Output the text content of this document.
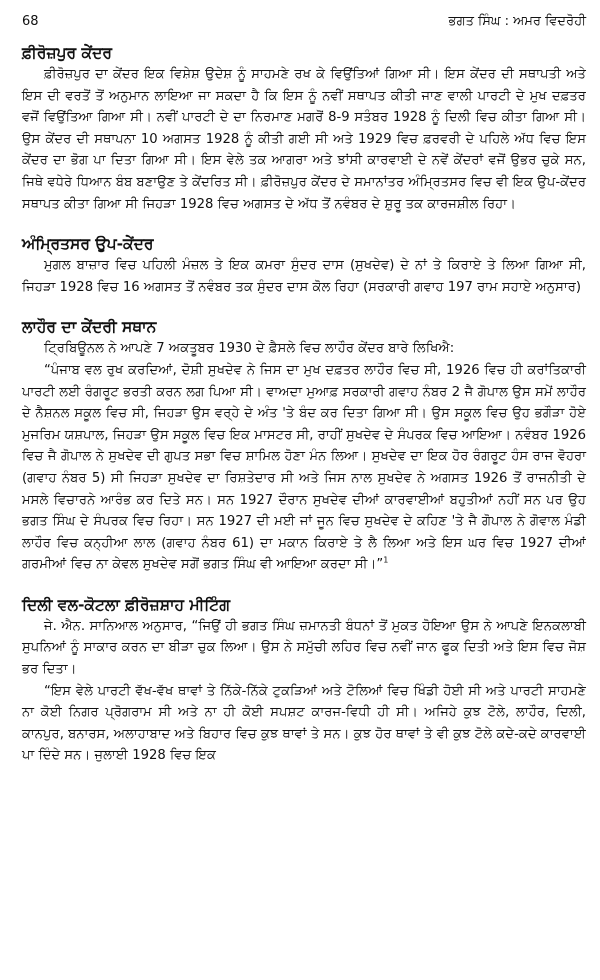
68	ਭਗਤ ਸਿੰਘ : ਅਮਰ ਵਿਦਰੋਹੀ
ਫ਼ੀਰੋਜ਼ਪੁਰ ਕੇਂਦਰ

ਫ਼ੀਰੋਜ਼ਪੁਰ ਦਾ ਕੇਂਦਰ ਇਕ ਵਿਸ਼ੇਸ਼ ਉਦੇਸ਼ ਨੂੰ ਸਾਹਮਣੇ ਰਖ ਕੇ ਵਿਉਂਤਿਆਂ ਗਿਆ ਸੀ। ਇਸ ਕੇਂਦਰ ਦੀ ਸਥਾਪਤੀ ਅਤੇ ਇਸ ਦੀ ਵਰਤੋਂ ਤੋਂ ਅਨੁਮਾਨ ਲਾਇਆ ਜਾ ਸਕਦਾ ਹੈ ਕਿ ਇਸ ਨੂੰ ਨਵੀਂ ਸਥਾਪਤ ਕੀਤੀ ਜਾਣ ਵਾਲੀ ਪਾਰਟੀ ਦੇ ਮੁਖ ਦਫ਼ਤਰ ਵਜੋਂ ਵਿਉਂਤਿਆ ਗਿਆ ਸੀ। ਨਵੀਂ ਪਾਰਟੀ ਦੇ ਦਾ ਨਿਰਮਾਣ ਮਗਰੋਂ 8-9 ਸਤੰਬਰ 1928 ਨੂੰ ਦਿਲੀ ਵਿਚ ਕੀਤਾ ਗਿਆ ਸੀ। ਉਸ ਕੇਂਦਰ ਦੀ ਸਥਾਪਨਾ 10 ਅਗਸਤ 1928 ਨੂੰ ਕੀਤੀ ਗਈ ਸੀ ਅਤੇ 1929 ਵਿਚ ਫ਼ਰਵਰੀ ਦੇ ਪਹਿਲੇ ਅੱਧ ਵਿਚ ਇਸ ਕੇਂਦਰ ਦਾ ਭੋਗ ਪਾ ਦਿਤਾ ਗਿਆ ਸੀ। ਇਸ ਵੇਲੇ ਤਕ ਆਗਰਾ ਅਤੇ ਝਾਂਸੀ ਕਾਰਵਾਈ ਦੇ ਨਵੇਂ ਕੇਂਦਰਾਂ ਵਜੋਂ ਉਭਰ ਚੁਕੇ ਸਨ, ਜਿਥੇ ਵਧੇਰੇ ਧਿਆਨ ਬੰਬ ਬਣਾਉਣ ਤੇ ਕੇਂਦਰਿਤ ਸੀ। ਫ਼ੀਰੋਜ਼ਪੁਰ ਕੇਂਦਰ ਦੇ ਸਮਾਨਾਂਤਰ ਅੰਮ੍ਰਿਤਸਰ ਵਿਚ ਵੀ ਇਕ ਉਪ-ਕੇਂਦਰ ਸਥਾਪਤ ਕੀਤਾ ਗਿਆ ਸੀ ਜਿਹੜਾ 1928 ਵਿਚ ਅਗਸਤ ਦੇ ਅੱਧ ਤੋਂ ਨਵੰਬਰ ਦੇ ਸ਼ੁਰੂ ਤਕ ਕਾਰਜਸ਼ੀਲ ਰਿਹਾ।

ਅੰਮ੍ਰਿਤਸਰ ਉਪ-ਕੇਂਦਰ

ਮੁਗਲ ਬਾਜ਼ਾਰ ਵਿਚ ਪਹਿਲੀ ਮੰਜ਼ਲ ਤੇ ਇਕ ਕਮਰਾ ਸੁੰਦਰ ਦਾਸ (ਸੁਖਦੇਵ) ਦੇ ਨਾਂ ਤੇ ਕਿਰਾਏ ਤੇ ਲਿਆ ਗਿਆ ਸੀ, ਜਿਹੜਾ 1928 ਵਿਚ 16 ਅਗਸਤ ਤੋਂ ਨਵੰਬਰ ਤਕ ਸੁੰਦਰ ਦਾਸ ਕੋਲ ਰਿਹਾ (ਸਰਕਾਰੀ ਗਵਾਹ 197 ਰਾਮ ਸਹਾਏ ਅਨੁਸਾਰ)

ਲਾਹੌਰ ਦਾ ਕੇਂਦਰੀ ਸਥਾਨ

ਟ੍ਰਿਬਿਊਨਲ ਨੇ ਆਪਣੇ 7 ਅਕਤੂਬਰ 1930 ਦੇ ਫ਼ੈਸਲੇ ਵਿਚ ਲਾਹੌਰ ਕੇਂਦਰ ਬਾਰੇ ਲਿਖਿਐ:

“ਪੰਜਾਬ ਵਲ ਰੁਖ ਕਰਦਿਆਂ, ਦੋਸ਼ੀ ਸੁਖਦੇਵ ਨੇ ਜਿਸ ਦਾ ਮੁਖ ਦਫ਼ਤਰ ਲਾਹੌਰ ਵਿਚ ਸੀ, 1926 ਵਿਚ ਹੀ ਕਰਾਂਤਿਕਾਰੀ ਪਾਰਟੀ ਲਈ ਰੰਗਰੂਟ ਭਰਤੀ ਕਰਨ ਲਗ ਪਿਆ ਸੀ। ਵਾਅਦਾ ਮੁਆਫ਼ ਸਰਕਾਰੀ ਗਵਾਹ ਨੰਬਰ 2 ਜੈ ਗੋਪਾਲ ਉਸ ਸਮੇਂ ਲਾਹੌਰ ਦੇ ਨੈਸ਼ਨਲ ਸਕੂਲ ਵਿਚ ਸੀ, ਜਿਹੜਾ ਉਸ ਵਰ੍ਹੇ ਦੇ ਅੰਤ 'ਤੇ ਬੰਦ ਕਰ ਦਿਤਾ ਗਿਆ ਸੀ। ਉਸ ਸਕੂਲ ਵਿਚ ਉਹ ਭਗੌੜਾ ਹੋਏ ਮੁਜਰਿਮ ਯਸ਼ਪਾਲ, ਜਿਹੜਾ ਉਸ ਸਕੂਲ ਵਿਚ ਇਕ ਮਾਸਟਰ ਸੀ, ਰਾਹੀਂ ਸੁਖਦੇਵ ਦੇ ਸੰਪਰਕ ਵਿਚ ਆਇਆ। ਨਵੰਬਰ 1926 ਵਿਚ ਜੈ ਗੋਪਾਲ ਨੇ ਸੁਖਦੇਵ ਦੀ ਗੁਪਤ ਸਭਾ ਵਿਚ ਸ਼ਾਮਿਲ ਹੋਣਾ ਮੰਨ ਲਿਆ। ਸੁਖਦੇਵ ਦਾ ਇਕ ਹੋਰ ਰੰਗਰੂਟ ਹੰਸ ਰਾਜ ਵੋਹਰਾ (ਗਵਾਹ ਨੰਬਰ 5) ਸੀ ਜਿਹੜਾ ਸੁਖਦੇਵ ਦਾ ਰਿਸ਼ਤੇਦਾਰ ਸੀ ਅਤੇ ਜਿਸ ਨਾਲ ਸੁਖਦੇਵ ਨੇ ਅਗਸਤ 1926 ਤੋਂ ਰਾਜਨੀਤੀ ਦੇ ਮਸਲੇ ਵਿਚਾਰਨੇ ਆਰੰਭ ਕਰ ਦਿਤੇ ਸਨ। ਸਨ 1927 ਦੌਰਾਨ ਸੁਖਦੇਵ ਦੀਆਂ ਕਾਰਵਾਈਆਂ ਬਹੁਤੀਆਂ ਨਹੀਂ ਸਨ ਪਰ ਉਹ ਭਗਤ ਸਿੰਘ ਦੇ ਸੰਪਰਕ ਵਿਚ ਰਿਹਾ। ਸਨ 1927 ਦੀ ਮਈ ਜਾਂ ਜੂਨ ਵਿਚ ਸੁਖਦੇਵ ਦੇ ਕਹਿਣ 'ਤੇ ਜੈ ਗੋਪਾਲ ਨੇ ਗੋਵਾਲ ਮੰਡੀ ਲਾਹੌਰ ਵਿਚ ਕਨ੍ਹੀਆ ਲਾਲ (ਗਵਾਹ ਨੰਬਰ 61) ਦਾ ਮਕਾਨ ਕਿਰਾਏ ਤੇ ਲੈ ਲਿਆ ਅਤੇ ਇਸ ਘਰ ਵਿਚ 1927 ਦੀਆਂ ਗਰਮੀਆਂ ਵਿਚ ਨਾ ਕੇਵਲ ਸੁਖਦੇਵ ਸਗੋਂ ਭਗਤ ਸਿੰਘ ਵੀ ਆਇਆ ਕਰਦਾ ਸੀ।”$^1$

ਦਿਲੀ ਵਲ-ਕੋਟਲਾ ਫ਼ੀਰੋਜ਼ਸ਼ਾਹ ਮੀਟਿੰਗ

ਜੇ. ਐਨ. ਸਾਨਿਆਲ ਅਨੁਸਾਰ, “ਜਿਉਂ ਹੀ ਭਗਤ ਸਿੰਘ ਜ਼ਮਾਨਤੀ ਬੰਧਨਾਂ ਤੋਂ ਮੁਕਤ ਹੋਇਆ ਉਸ ਨੇ ਆਪਣੇ ਇਨਕਲਾਬੀ ਸੁਪਨਿਆਂ ਨੂੰ ਸਾਕਾਰ ਕਰਨ ਦਾ ਬੀੜਾ ਚੁਕ ਲਿਆ। ਉਸ ਨੇ ਸਮੁੱਚੀ ਲਹਿਰ ਵਿਚ ਨਵੀਂ ਜਾਨ ਫੂਕ ਦਿਤੀ ਅਤੇ ਇਸ ਵਿਚ ਜੋਸ਼ ਭਰ ਦਿਤਾ।

“ਇਸ ਵੇਲੇ ਪਾਰਟੀ ਵੱਖ-ਵੱਖ ਥਾਵਾਂ ਤੇ ਨਿੱਕੇ-ਨਿੱਕੇ ਟੁਕੜਿਆਂ ਅਤੇ ਟੋਲਿਆਂ ਵਿਚ ਖਿੰਡੀ ਹੋਈ ਸੀ ਅਤੇ ਪਾਰਟੀ ਸਾਹਮਣੇ ਨਾ ਕੋਈ ਨਿਗਰ ਪ੍ਰੋਗਰਾਮ ਸੀ ਅਤੇ ਨਾ ਹੀ ਕੋਈ ਸਪਸ਼ਟ ਕਾਰਜ-ਵਿਧੀ ਹੀ ਸੀ। ਅਜਿਹੇ ਕੁਝ ਟੋਲੇ, ਲਾਹੌਰ, ਦਿਲੀ, ਕਾਨਪੁਰ, ਬਨਾਰਸ, ਅਲਾਹਾਬਾਦ ਅਤੇ ਬਿਹਾਰ ਵਿਚ ਕੁਝ ਥਾਵਾਂ ਤੇ ਸਨ। ਕੁਝ ਹੋਰ ਥਾਵਾਂ ਤੇ ਵੀ ਕੁਝ ਟੋਲੇ ਕਦੇ-ਕਦੇ ਕਾਰਵਾਈ ਪਾ ਦਿੰਦੇ ਸਨ। ਜੁਲਾਈ 1928 ਵਿਚ ਇਕ
